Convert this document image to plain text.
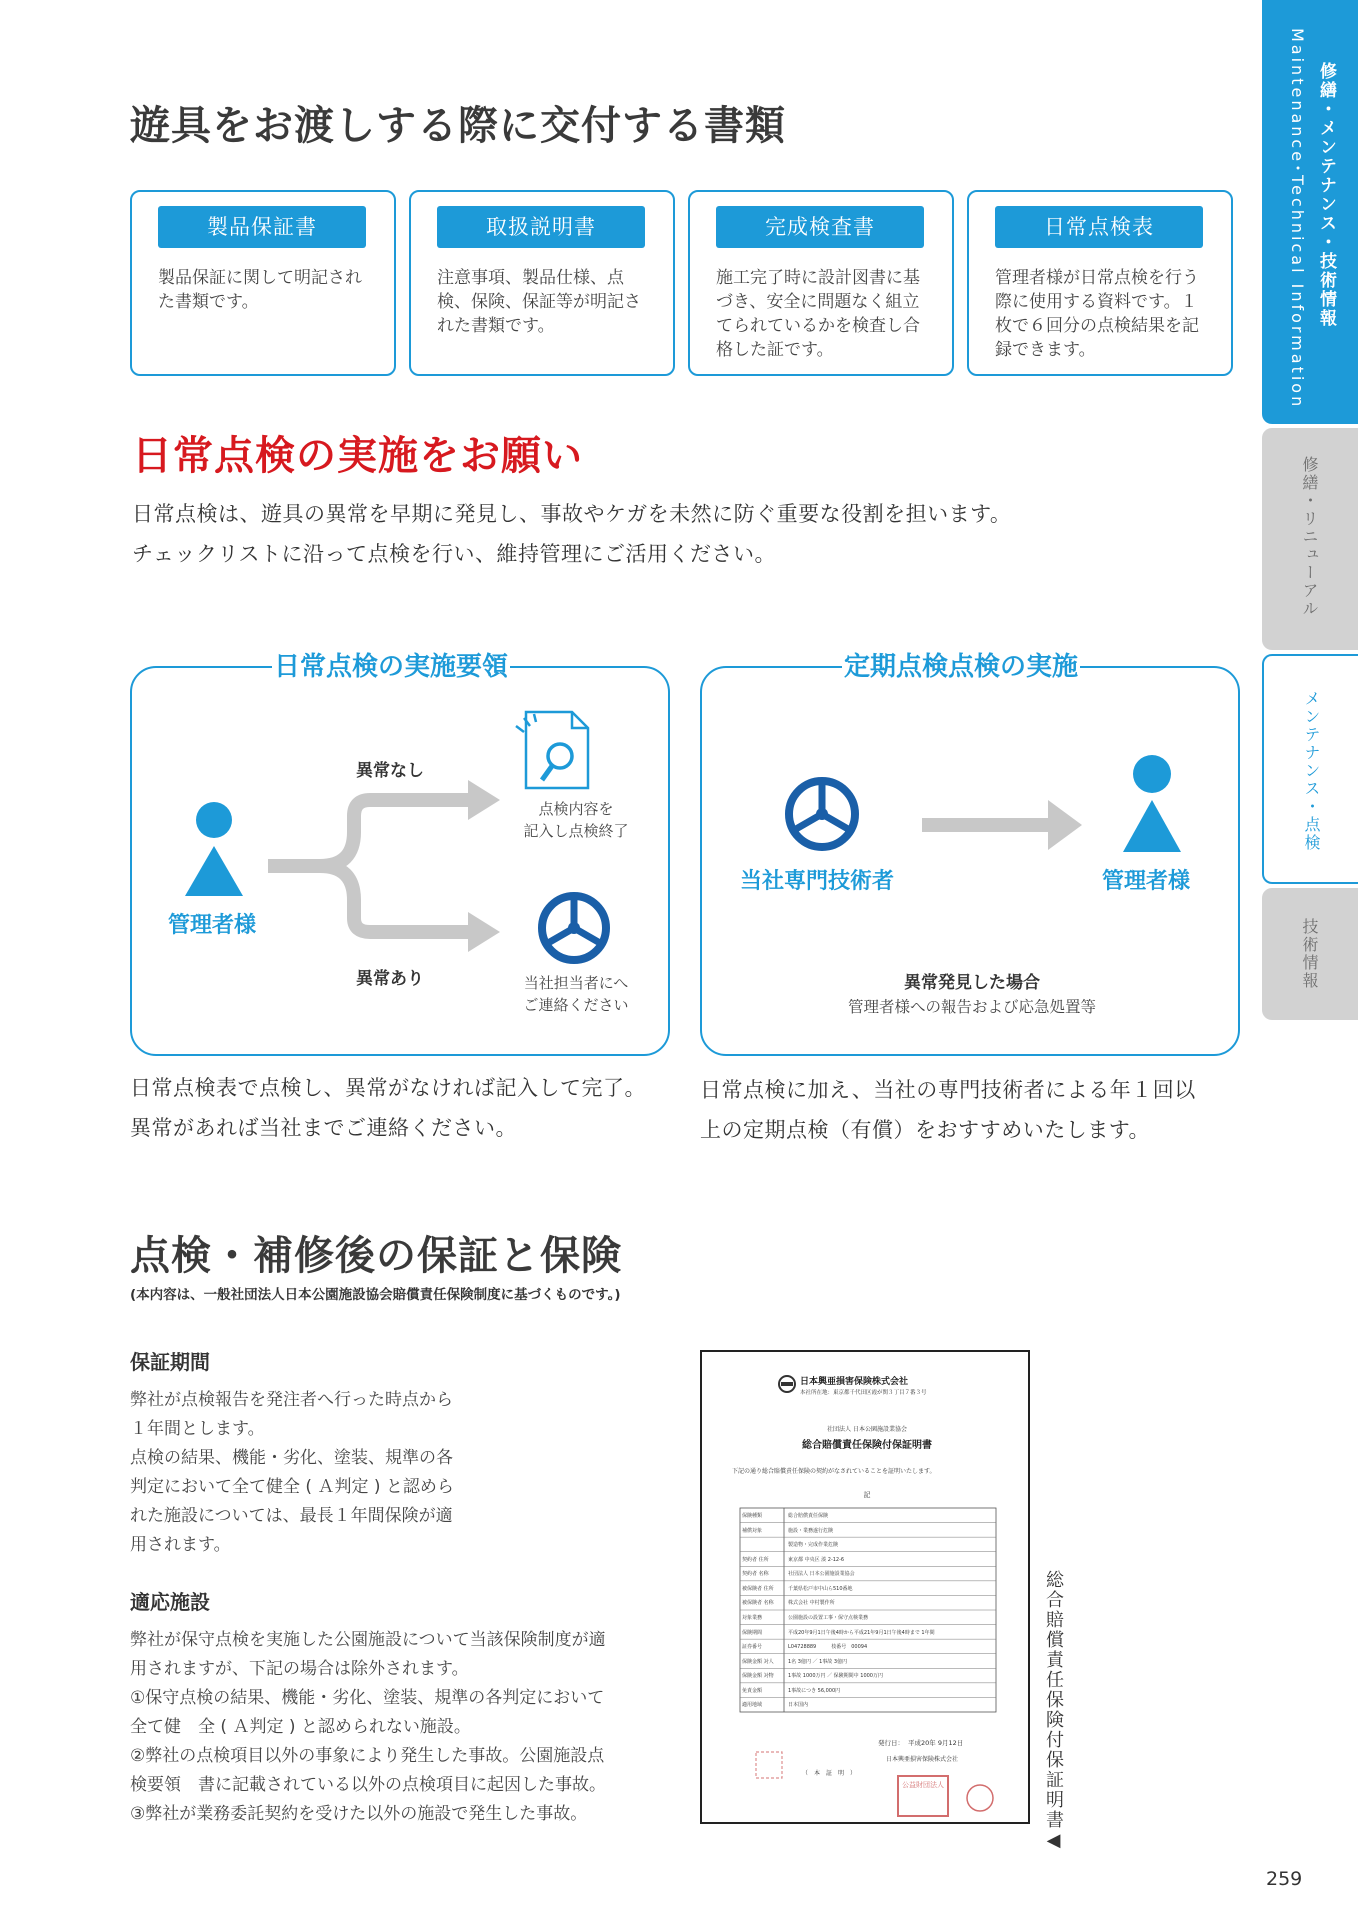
修繕・メンテナンス・技術情報
Maintenance･Technical Information
修繕・リニューアル
メンテナンス・点検
技術情報
遊具をお渡しする際に交付する書類
製品保証書
製品保証に関して明記された書類です。
取扱説明書
注意事項、製品仕様、点検、保険、保証等が明記された書類です。
完成検査書
施工完了時に設計図書に基づき、安全に問題なく組立てられているかを検査し合格した証です。
日常点検表
管理者様が日常点検を行う際に使用する資料です。１枚で６回分の点検結果を記録できます。
日常点検の実施をお願い
日常点検は、遊具の異常を早期に発見し、事故やケガを未然に防ぐ重要な役割を担います。
チェックリストに沿って点検を行い、維持管理にご活用ください。
日常点検の実施要領
異常なし
異常あり
管理者様
点検内容を
記入し点検終了
当社担当者にへ
ご連絡ください
定期点検点検の実施
当社専門技術者	管理者様
異常発見した場合
管理者様への報告および応急処置等
日常点検表で点検し、異常がなければ記入して完了。
異常があれば当社までご連絡ください。
日常点検に加え、当社の専門技術者による年１回以
上の定期点検（有償）をおすすめいたします。
点検・補修後の保証と保険
(本内容は、一般社団法人日本公園施設協会賠償責任保険制度に基づくものです。)
保証期間
弊社が点検報告を発注者へ行った時点から
１年間とします。
点検の結果、機能・劣化、塗装、規準の各
判定において全て健全 ( Ａ判定 ) と認めら
れた施設については、最長１年間保険が適
用されます。
適応施設
弊社が保守点検を実施した公園施設について当該保険制度が適
用されますが、下記の場合は除外されます。
①保守点検の結果、機能・劣化、塗装、規準の各判定において
全て健　全 ( Ａ判定 ) と認められない施設。
②弊社の点検項目以外の事象により発生した事故。公園施設点
検要領　書に記載されている以外の点検項目に起因した事故。
③弊社が業務委託契約を受けた以外の施設で発生した事故。
日本興亜損害保険株式会社
本社所在地：東京都千代田区霞が関３丁目７番３号
社団法人 日本公園施設業協会
総合賠償責任保険付保証明書
下記の通り総合賠償責任保険の契約がなされていることを証明いたします。
記
保険種類	総合賠償責任保険
補償対象	施設・業務遂行危険
製造物・完成作業危険
契約者 住所	東京都 中央区 湊 2-12-6
契約者 名称	社団法人 日本公園施設業協会
被保険者 住所	千葉県松戸市中山ら510番地
被保険者 名称	株式会社 中村製作所
対象業務	公園施設の設置工事・保守点検業務
保険期間	平成20年9月1日午後4時から平成21年9月1日午後4時まで 1年間
証券番号	L04728889　　　枝番号　00094
保険金額 対人	1名 3億円 ／ 1事故 3億円
保険金額 対物	1事故 1000万円 ／ 保険期間中 1000万円
免責金額	1事故につき 56,000円
適用地域	日本国内
発行日： 平成20年 9月12日
日本興亜損害保険株式会社
（　本　証　明　）
公益財団法人	総合賠償責任保険付保証明書◀
259
